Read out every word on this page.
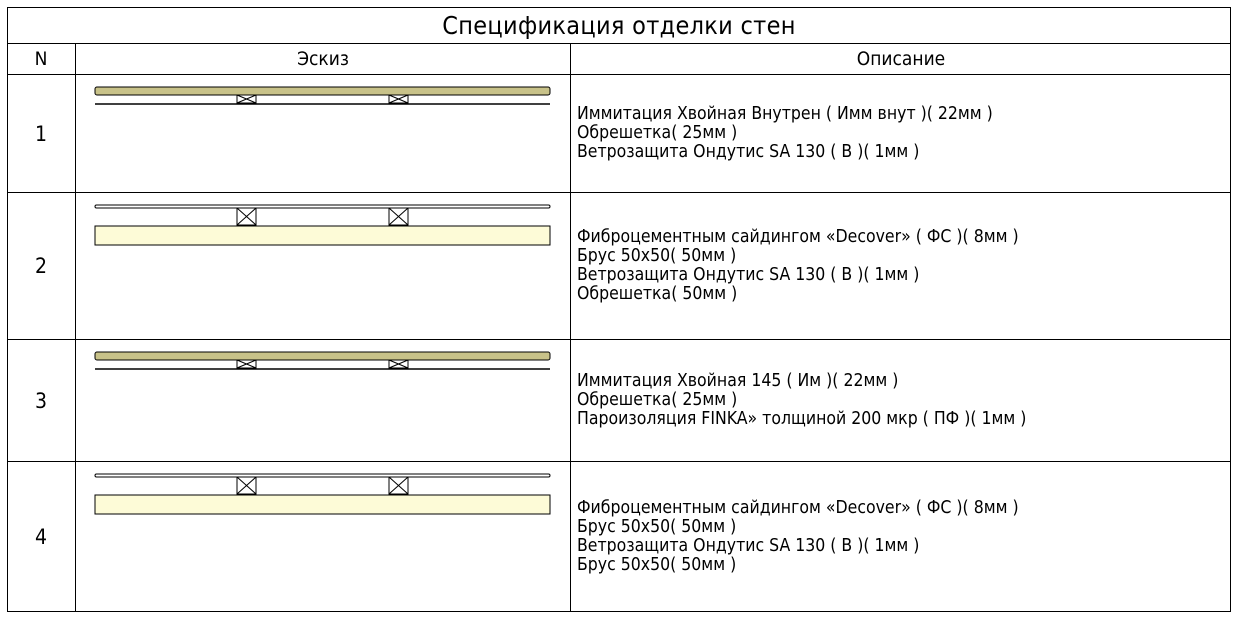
Спецификация отделки стен
N	Эскиз	Описание
1
Иммитация Хвойная Внутрен ( Имм внут )( 22мм )
Обрешетка( 25мм )
Ветрозащита Ондутис SA 130 ( В )( 1мм )
2
Фиброцементным сайдингом «Decover» ( ФС )( 8мм )
Брус 50x50( 50мм )
Ветрозащита Ондутис SA 130 ( В )( 1мм )
Обрешетка( 50мм )
3
Иммитация Хвойная 145 ( Им )( 22мм )
Обрешетка( 25мм )
Пароизоляция FINKA» толщиной 200 мкр ( ПФ )( 1мм )
4
Фиброцементным сайдингом «Decover» ( ФС )( 8мм )
Брус 50x50( 50мм )
Ветрозащита Ондутис SA 130 ( В )( 1мм )
Брус 50x50( 50мм )
